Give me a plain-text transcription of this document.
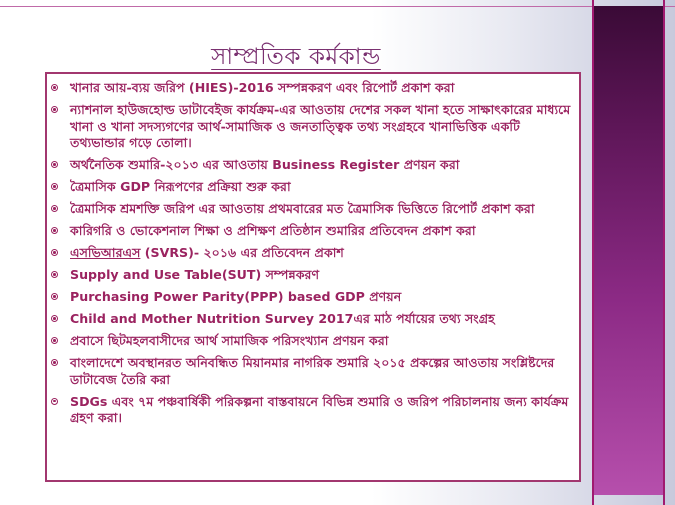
সাম্প্রতিক কর্মকান্ড
খানার আয়-ব্যয় জরিপ (HIES)-2016 সম্পন্নকরণ এবং রিপোর্ট প্রকাশ করা
ন্যাশনাল হাউজহোল্ড ডাটাবেইজ কার্যক্রম-এর আওতায় দেশের সকল খানা হতে সাক্ষাৎকারের মাধ্যমে খানা ও খানা সদস্যগণের আর্থ-সামাজিক ও জনতাত্ত্বিক তথ্য সংগ্রহবে খানাভিত্তিক একটি তথ্যভান্ডার গড়ে তোলা।
অর্থনৈতিক শুমারি-২০১৩ এর আওতায় Business Register প্রণয়ন করা
ত্রৈমাসিক GDP নিরূপণের প্রক্রিয়া শুরু করা
ত্রৈমাসিক শ্রমশক্তি জরিপ এর আওতায় প্রথমবারের মত ত্রৈমাসিক ভিত্তিতে রিপোর্ট প্রকাশ করা
কারিগরি ও ভোকেশনাল শিক্ষা ও প্রশিক্ষণ প্রতিষ্ঠান শুমারির প্রতিবেদন প্রকাশ করা
এসভিআরএস (SVRS)- ২০১৬ এর প্রতিবেদন প্রকাশ
Supply and Use Table(SUT) সম্পন্নকরণ
Purchasing Power Parity(PPP) based GDP প্রণয়ন
Child and Mother Nutrition Survey 2017এর মাঠ পর্যায়ের তথ্য সংগ্রহ
প্রবাসে ছিটমহলবাসীদের আর্থ সামাজিক পরিসংখ্যান প্রণয়ন করা
বাংলাদেশে অবস্থানরত অনিবন্ধিত মিয়ানমার নাগরিক শুমারি ২০১৫ প্রকল্পের আওতায় সংশ্লিষ্টদের ডাটাবেজ তৈরি করা
SDGs এবং ৭ম পঞ্চবার্ষিকী পরিকল্পনা বাস্তবায়নে বিভিন্ন শুমারি ও জরিপ পরিচালনায় জন্য কার্যক্রম গ্রহণ করা।
